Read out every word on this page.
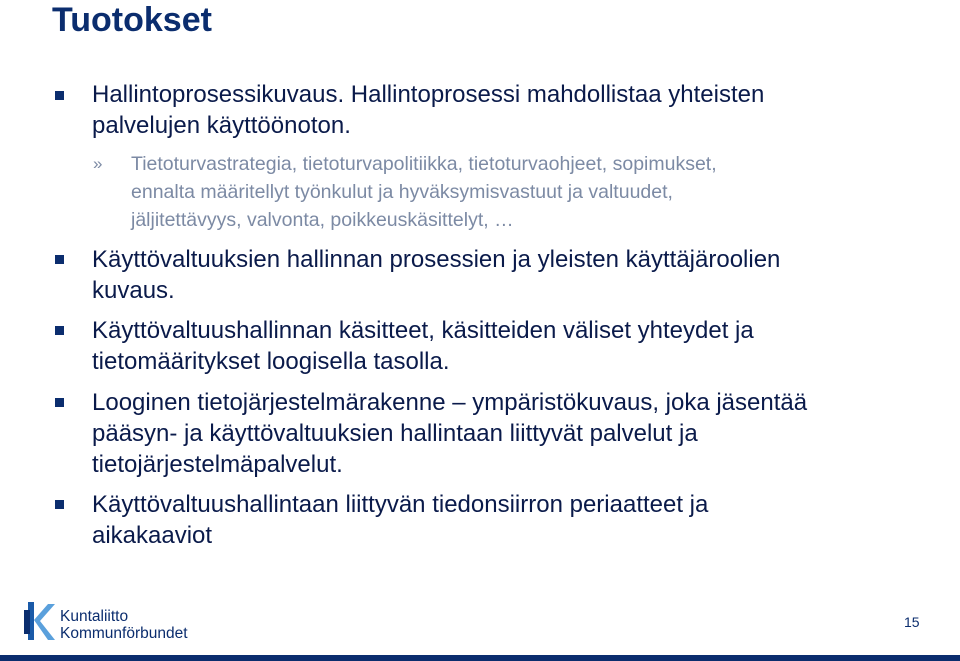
Tuotokset
Hallintoprosessikuvaus. Hallintoprosessi mahdollistaa yhteisten
palvelujen käyttöönoton.
» Tietoturvastrategia, tietoturvapolitiikka, tietoturvaohjeet, sopimukset,
ennalta määritellyt työnkulut ja hyväksymisvastuut ja valtuudet,
jäljitettävyys, valvonta, poikkeuskäsittelyt, …
Käyttövaltuuksien hallinnan prosessien ja yleisten käyttäjäroolien
kuvaus.
Käyttövaltuushallinnan käsitteet, käsitteiden väliset yhteydet ja
tietomääritykset loogisella tasolla.
Looginen tietojärjestelmärakenne – ympäristökuvaus, joka jäsentää
pääsyn- ja käyttövaltuuksien hallintaan liittyvät palvelut ja
tietojärjestelmäpalvelut.
Käyttövaltuushallintaan liittyvän tiedonsiirron periaatteet ja
aikakaaviot
Kuntaliitto
Kommunförbundet
15
